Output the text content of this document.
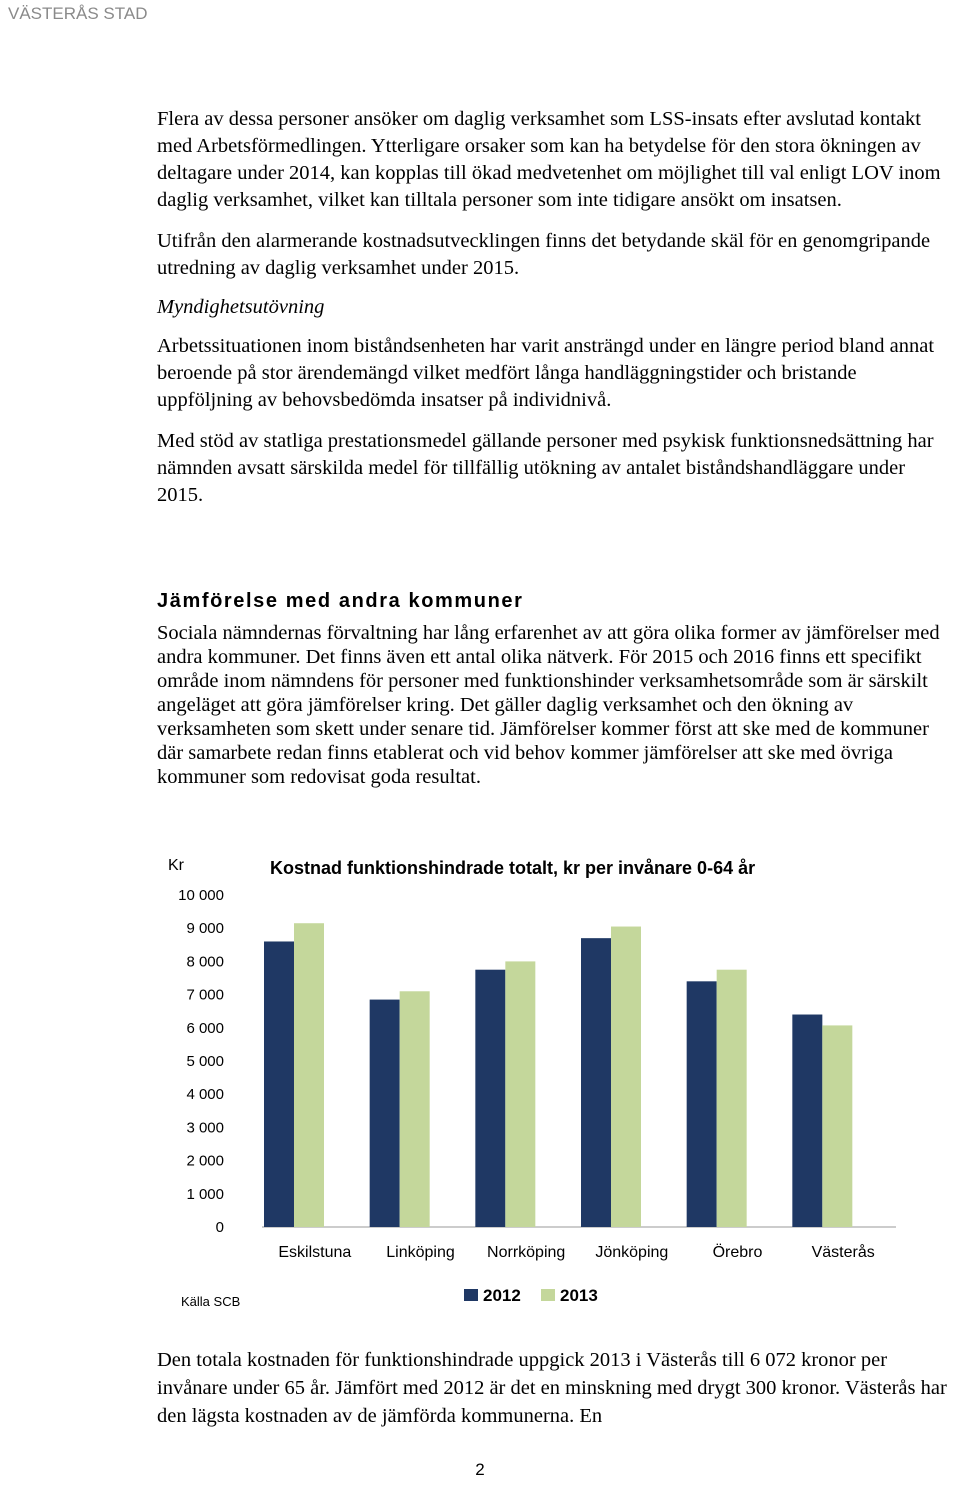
VÄSTERÅS STAD

Flera av dessa personer ansöker om daglig verksamhet som LSS-insats efter avslutad kontakt med Arbetsförmedlingen. Ytterligare orsaker som kan ha betydelse för den stora ökningen av deltagare under 2014, kan kopplas till ökad medvetenhet om möjlighet till val enligt LOV inom daglig verksamhet, vilket kan tilltala personer som inte tidigare ansökt om insatsen.

Utifrån den alarmerande kostnadsutvecklingen finns det betydande skäl för en genomgripande utredning av daglig verksamhet under 2015.

Myndighetsutövning

Arbetssituationen inom biståndsenheten har varit ansträngd under en längre period bland annat beroende på stor ärendemängd vilket medfört långa handläggningstider och bristande uppföljning av behovsbedömda insatser på individnivå.

Med stöd av statliga prestationsmedel gällande personer med psykisk funktionsnedsättning har nämnden avsatt särskilda medel för tillfällig utökning av antalet biståndshandläggare under 2015.

Jämförelse med andra kommuner

Sociala nämndernas förvaltning har lång erfarenhet av att göra olika former av jämförelser med andra kommuner. Det finns även ett antal olika nätverk. För 2015 och 2016 finns ett specifikt område inom nämndens för personer med funktionshinder verksamhetsområde som är särskilt angeläget att göra jämförelser kring. Det gäller daglig verksamhet och den ökning av verksamheten som skett under senare tid. Jämförelser kommer först att ske med de kommuner där samarbete redan finns etablerat och vid behov kommer jämförelser att ske med övriga kommuner som redovisat goda resultat.

Kr	Kostnad funktionshindrade totalt, kr per invånare 0-64 år
0
1 000
2 000
3 000
4 000
5 000
6 000
7 000
8 000
9 000
10 000
Eskilstuna Linköping Norrköping Jönköping	Örebro	Västerås
Källa SCB	2012 2013
Den totala kostnaden för funktionshindrade uppgick 2013 i Västerås till 6 072 kronor per invånare under 65 år. Jämfört med 2012 är det en minskning med drygt 300 kronor. Västerås har den lägsta kostnaden av de jämförda kommunerna. En
2
